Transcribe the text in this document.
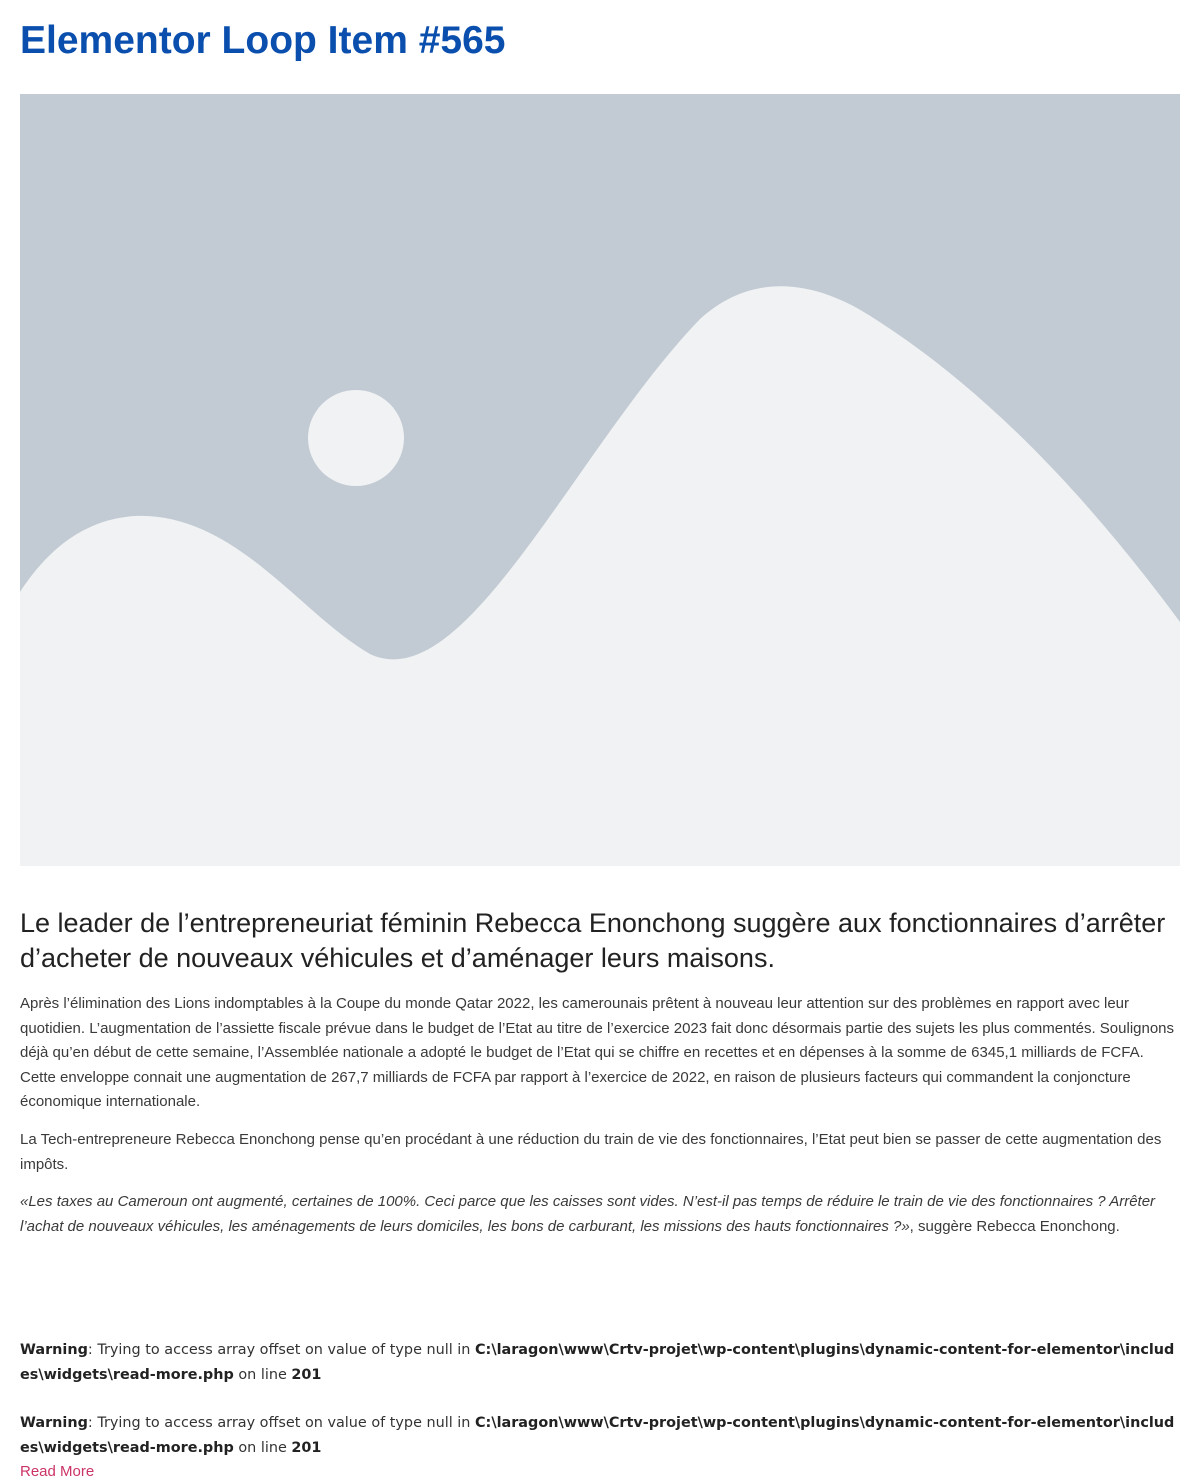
Elementor Loop Item #565
Le leader de l’entrepreneuriat féminin Rebecca Enonchong suggère aux fonctionnaires d’arrêter d’acheter de nouveaux véhicules et d’aménager leurs maisons.

Après l’élimination des Lions indomptables à la Coupe du monde Qatar 2022, les camerounais prêtent à nouveau leur attention sur des problèmes en rapport avec leur quotidien. L’augmentation de l’assiette fiscale prévue dans le budget de l’Etat au titre de l’exercice 2023 fait donc désormais partie des sujets les plus commentés. Soulignons déjà qu’en début de cette semaine, l’Assemblée nationale a adopté le budget de l’Etat qui se chiffre en recettes et en dépenses à la somme de 6345,1 milliards de FCFA. Cette enveloppe connait une augmentation de 267,7 milliards de FCFA par rapport à l’exercice de 2022, en raison de plusieurs facteurs qui commandent la conjoncture économique internationale.

La Tech-entrepreneure Rebecca Enonchong pense qu’en procédant à une réduction du train de vie des fonctionnaires, l’Etat peut bien se passer de cette augmentation des impôts.

«Les taxes au Cameroun ont augmenté, certaines de 100%. Ceci parce que les caisses sont vides. N’est-il pas temps de réduire le train de vie des fonctionnaires ? Arrêter l’achat de nouveaux véhicules, les aménagements de leurs domiciles, les bons de carburant, les missions des hauts fonctionnaires ?», suggère Rebecca Enonchong.

Warning: Trying to access array offset on value of type null in C:\laragon\www\Crtv-projet\wp-content\plugins\dynamic-content-for-elementor\includes\widgets\read-more.php on line 201

Warning: Trying to access array offset on value of type null in C:\laragon\www\Crtv-projet\wp-content\plugins\dynamic-content-for-elementor\includes\widgets\read-more.php on line 201

Read More
